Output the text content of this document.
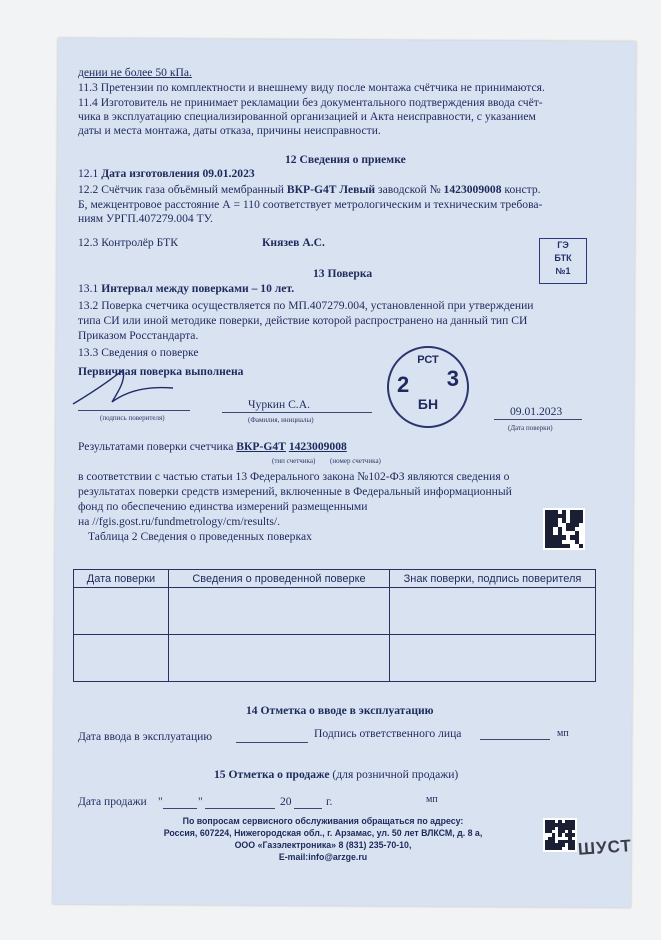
дении не более 50 кПа.
11.3 Претензии по комплектности и внешнему виду после монтажа счётчика не принимаются.
11.4 Изготовитель не принимает рекламации без документального подтверждения ввода счёт-
чика в эксплуатацию специализированной организацией и Акта неисправности, с указанием
даты и места монтажа, даты отказа, причины неисправности.
12 Сведения о приемке
12.1 Дата изготовления 09.01.2023
12.2 Счётчик газа объёмный мембранный ВКР-G4Т Левый заводской № 1423009008 констр.
Б, межцентровое расстояние А = 110 соответствует метрологическим и техническим требова-
ниям УРГП.407279.004 ТУ.
12.3 Контролёр БТК	Князев А.С.	ГЭ
БТК
№1
13 Поверка
13.1 Интервал между поверками – 10 лет.
13.2 Поверка счетчика осуществляется по МП.407279.004, установленной при утверждении
типа СИ или иной методике поверки, действие которой распространено на данный тип СИ
Приказом Росстандарта.
13.3 Сведения о поверке
Первичная поверка выполнена
(подпись поверителя)
Чуркин С.А.
(Фамилия, инициалы)
09.01.2023
(Дата поверки)
РСТ
2 3
БН
Результатами поверки счетчика ВКР-G4Т 1423009008
(тип счетчика) (номер счетчика)
в соответствии с частью статьи 13 Федерального закона №102-ФЗ являются сведения о
результатах поверки средств измерений, включенные в Федеральный информационный
фонд по обеспечению единства измерений размещенными
на //fgis.gost.ru/fundmetrology/cm/results/.
Таблица 2 Сведения о проведенных поверках
Дата поверки	Сведения о проведенной поверке	Знак поверки, подпись поверителя

14 Отметка о вводе в эксплуатацию
Дата ввода в эксплуатацию	Подпись ответственного лица	мп
15 Отметка о продаже (для розничной продажи)
Дата продажи "	"	20	г.	мп
По вопросам сервисного обслуживания обращаться по адресу:
Россия, 607224, Нижегородская обл., г. Арзамас, ул. 50 лет ВЛКСМ, д. 8 а,
ООО «Газэлектроника» 8 (831) 235-70-10,
E-mail:info@arzge.ru	ШУСТ
